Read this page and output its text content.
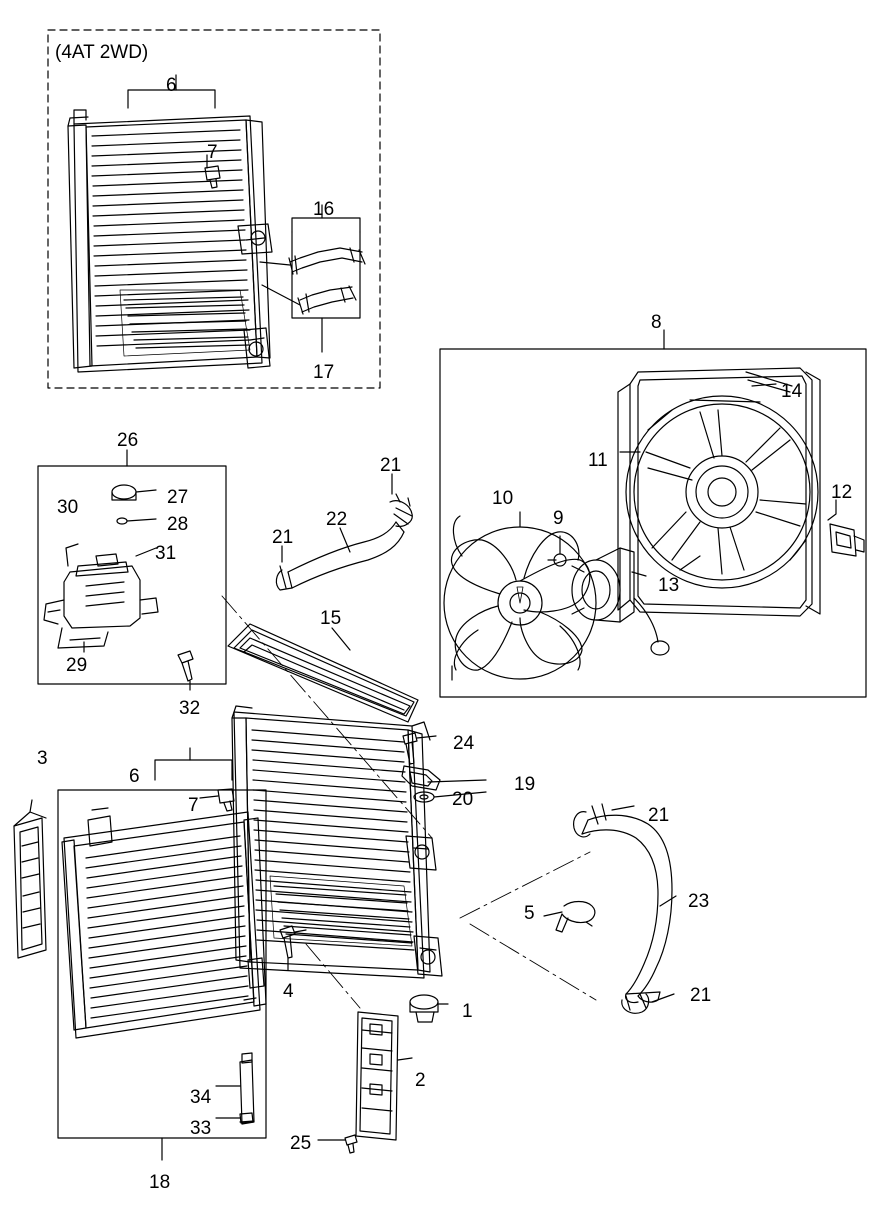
(4AT 2WD)
6
7
16
17
8
14
11
12
10
9
13
26
27
28
30
31
29
32
21
22
21
15
3
6
7
24
19
20
21
23
5
4	21
1
2
34
33
25
18
